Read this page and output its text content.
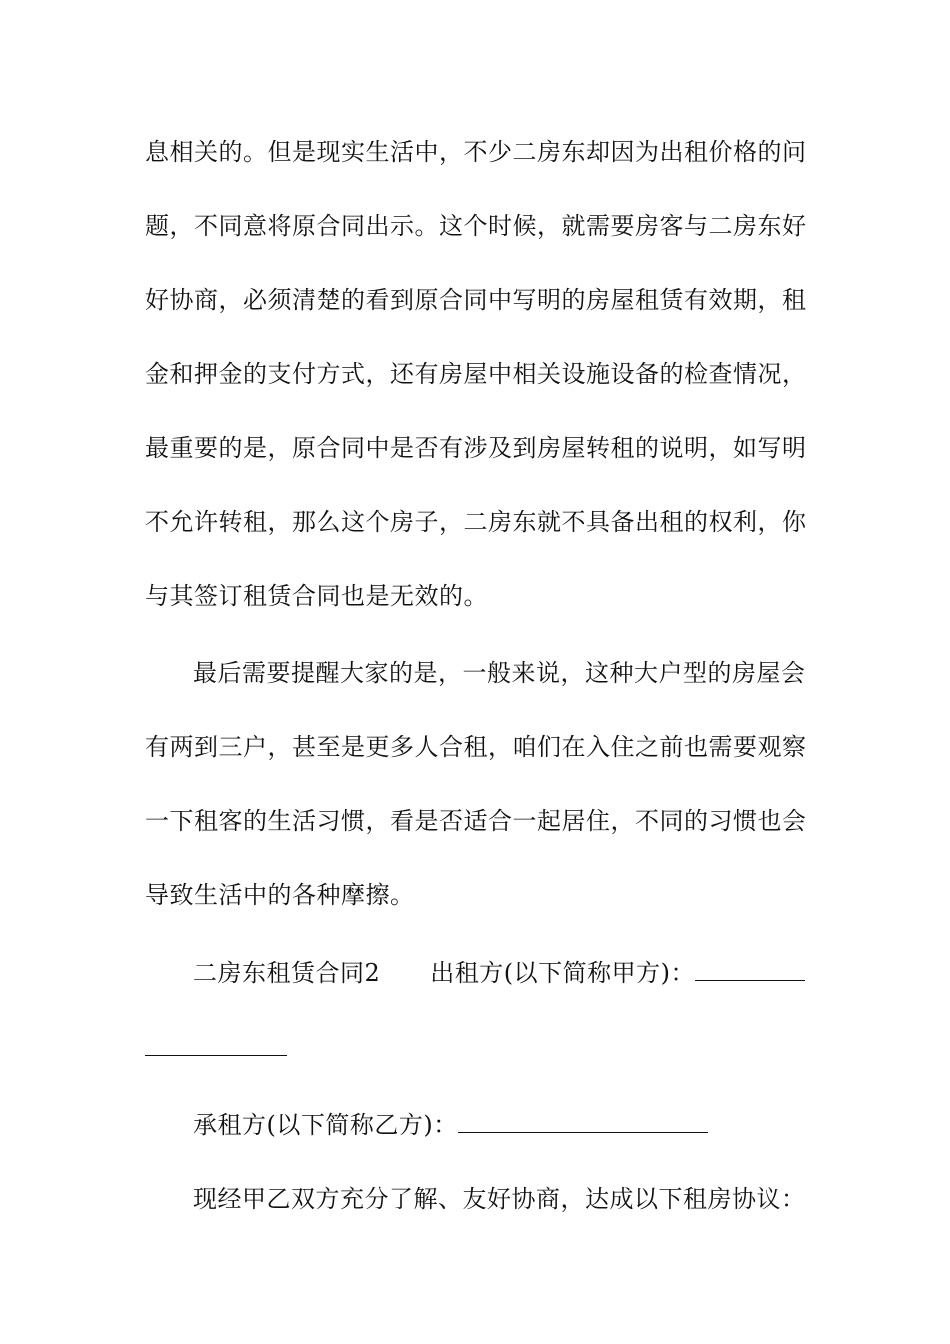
息相关的。但是现实生活中，不少二房东却因为出租价格的问

题，不同意将原合同出示。这个时候，就需要房客与二房东好

好协商，必须清楚的看到原合同中写明的房屋租赁有效期，租

金和押金的支付方式，还有房屋中相关设施设备的检查情况，

最重要的是，原合同中是否有涉及到房屋转租的说明，如写明

不允许转租，那么这个房子，二房东就不具备出租的权利，你

与其签订租赁合同也是无效的。

最后需要提醒大家的是，一般来说，这种大户型的房屋会

有两到三户，甚至是更多人合租，咱们在入住之前也需要观察

一下租客的生活习惯，看是否适合一起居住，不同的习惯也会

导致生活中的各种摩擦。

二房东租赁合同2 出租方(以下简称甲方)：

承租方(以下简称乙方)：

现经甲乙双方充分了解、友好协商，达成以下租房协议：
